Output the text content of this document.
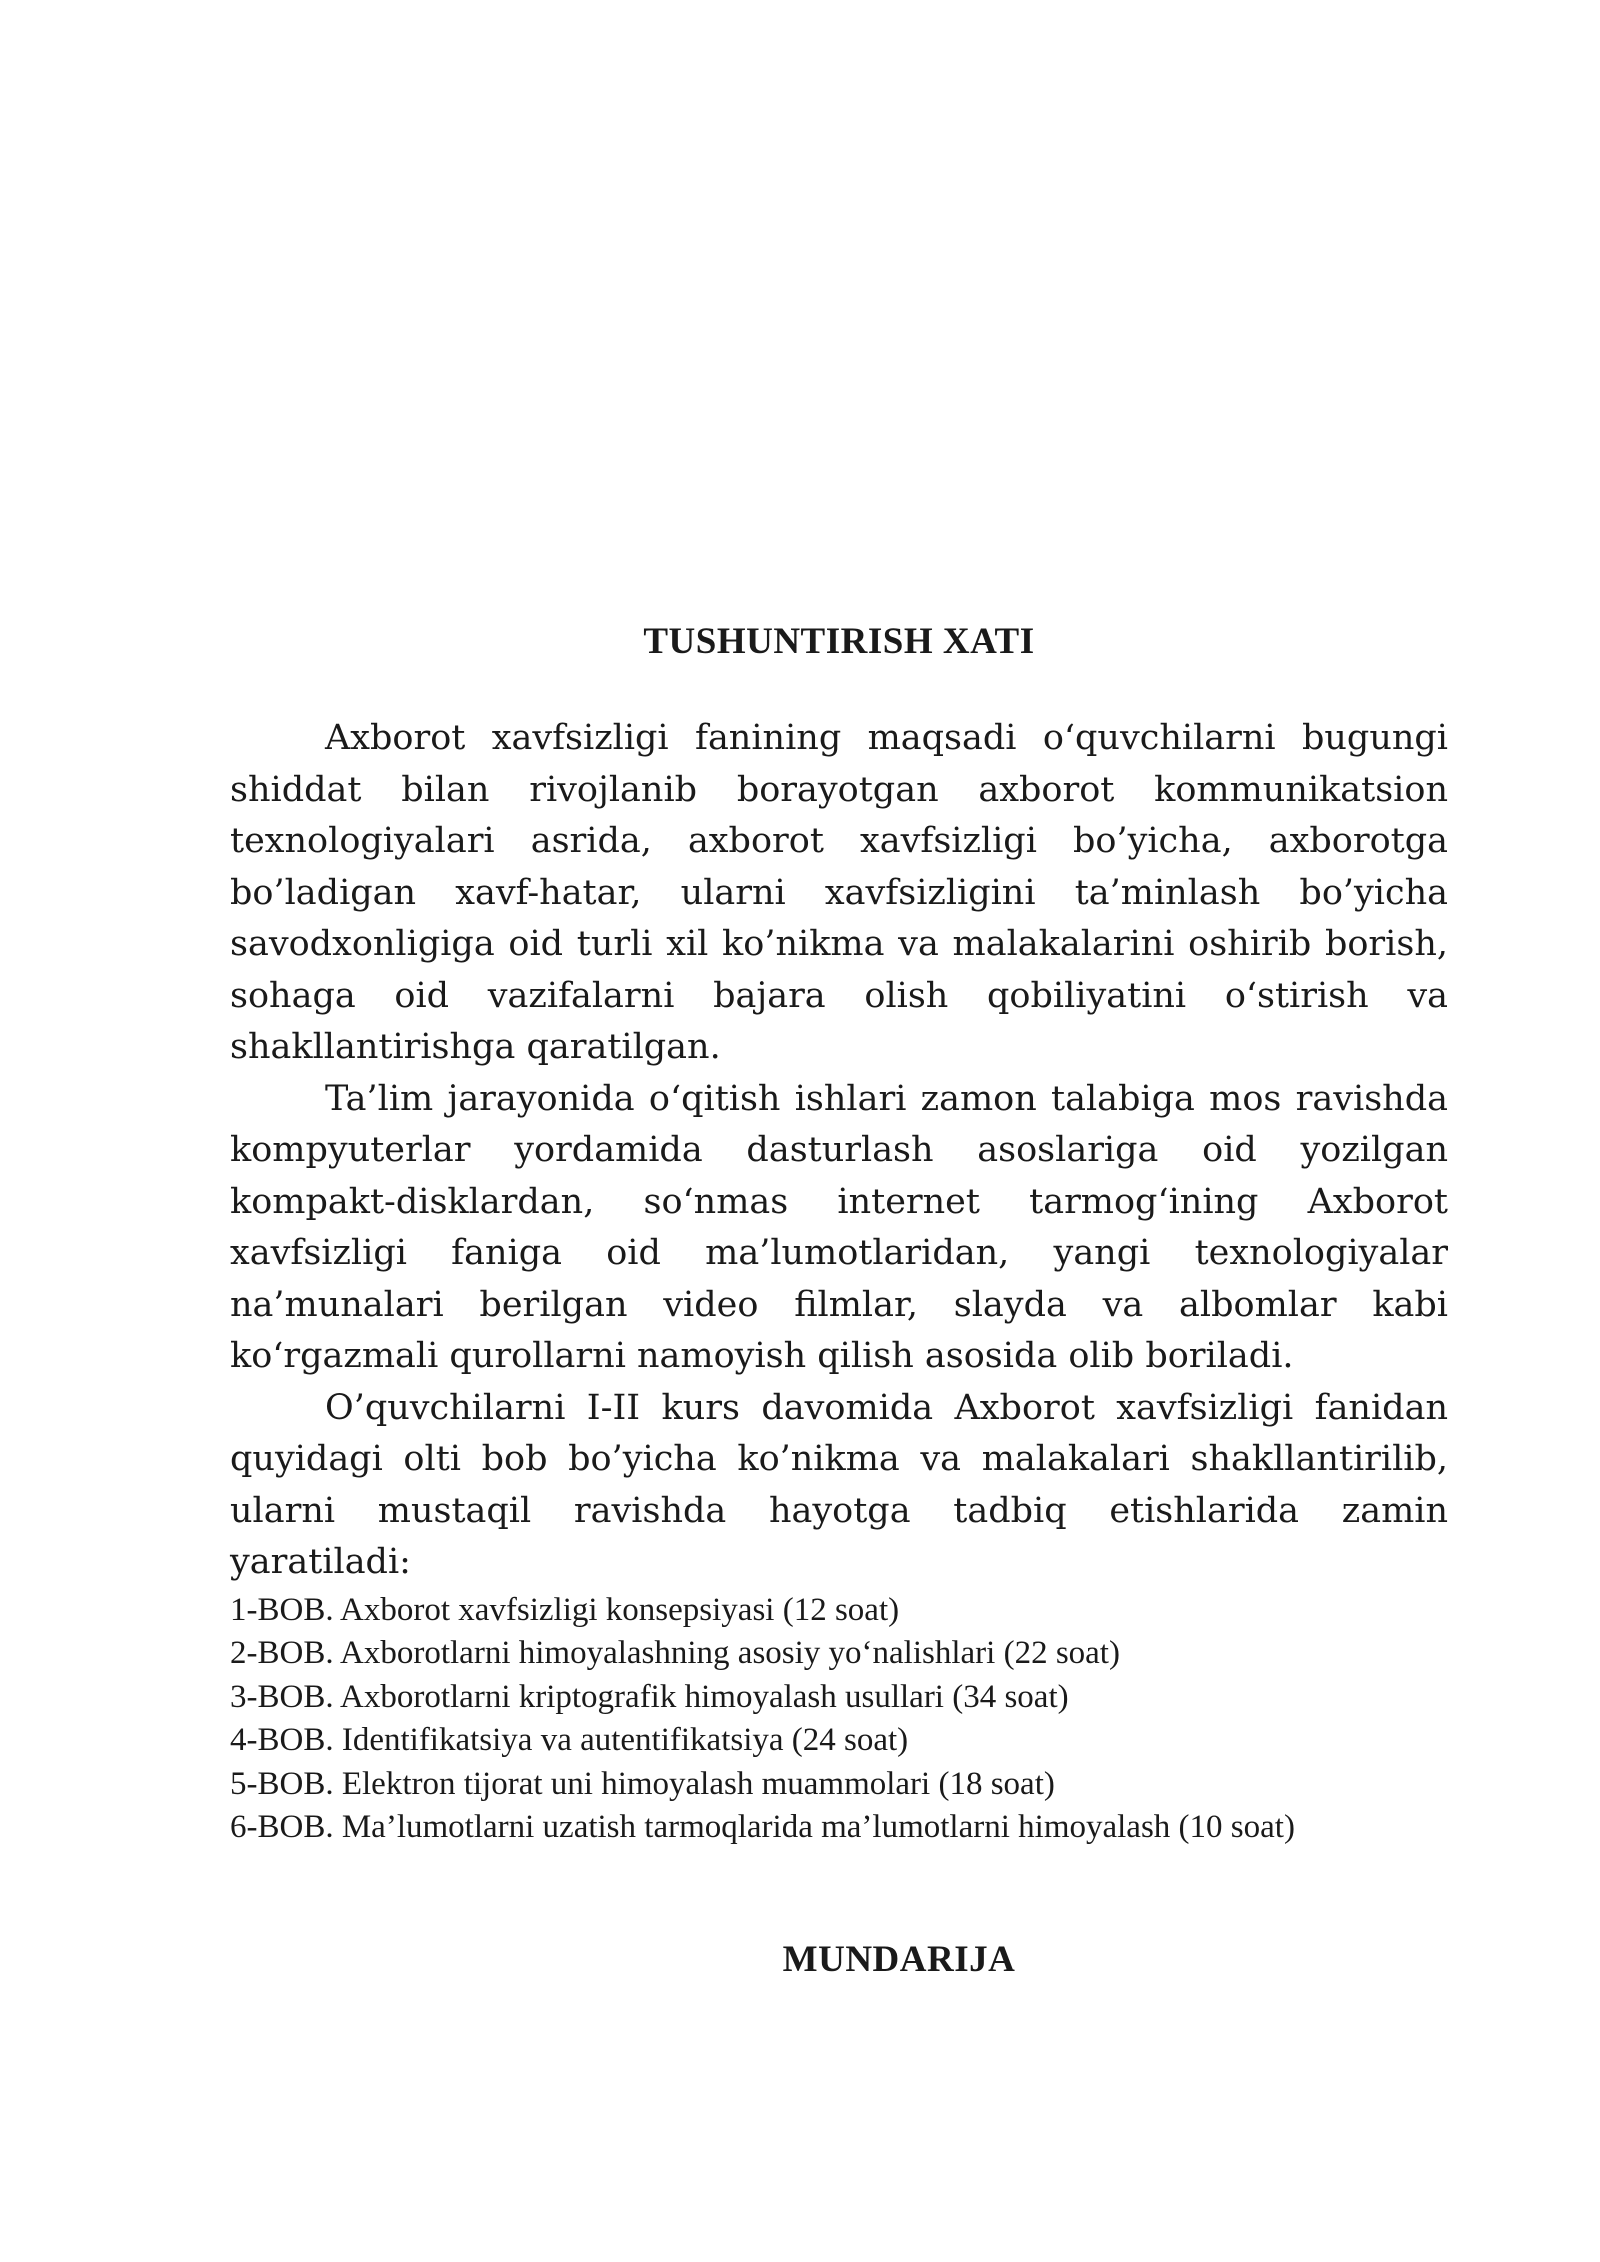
TUSHUNTIRISH XATI

Axborot xavfsizligi fanining maqsadi o‘quvchilarni bugungi shiddat bilan rivojlanib borayotgan axborot kommunikatsion texnologiyalari asrida, axborot xavfsizligi bo’yicha, axborotga bo’ladigan xavf-hatar, ularni xavfsizligini ta’minlash bo’yicha savodxonligiga oid turli xil ko’nikma va malakalarini oshirib borish, sohaga oid vazifalarni bajara olish qobiliyatini o‘stirish va shakllantirishga qaratilgan.

Ta’lim jarayonida o‘qitish ishlari zamon talabiga mos ravishda kompyuterlar yordamida dasturlash asoslariga oid yozilgan kompakt-disklardan, so‘nmas internet tarmog‘ining Axborot xavfsizligi faniga oid ma’lumotlaridan, yangi texnologiyalar na’munalari berilgan video filmlar, slayda va albomlar kabi ko‘rgazmali qurollarni namoyish qilish asosida olib boriladi.

O’quvchilarni I-II kurs davomida Axborot xavfsizligi fanidan quyidagi olti bob bo’yicha ko’nikma va malakalari shakllantirilib, ularni mustaqil ravishda hayotga tadbiq etishlarida zamin yaratiladi:

1-BOB. Axborot xavfsizligi konsepsiyasi (12 soat)
2-BOB. Axborotlarni himoyalashning asosiy yo‘nalishlari (22 soat)
3-BOB. Axborotlarni kriptografik himoyalash usullari (34 soat)
4-BOB. Identifikatsiya va autentifikatsiya (24 soat)
5-BOB. Elektron tijorat uni himoyalash muammolari (18 soat)
6-BOB. Ma’lumotlarni uzatish tarmoqlarida ma’lumotlarni himoyalash (10 soat)
MUNDARIJA
